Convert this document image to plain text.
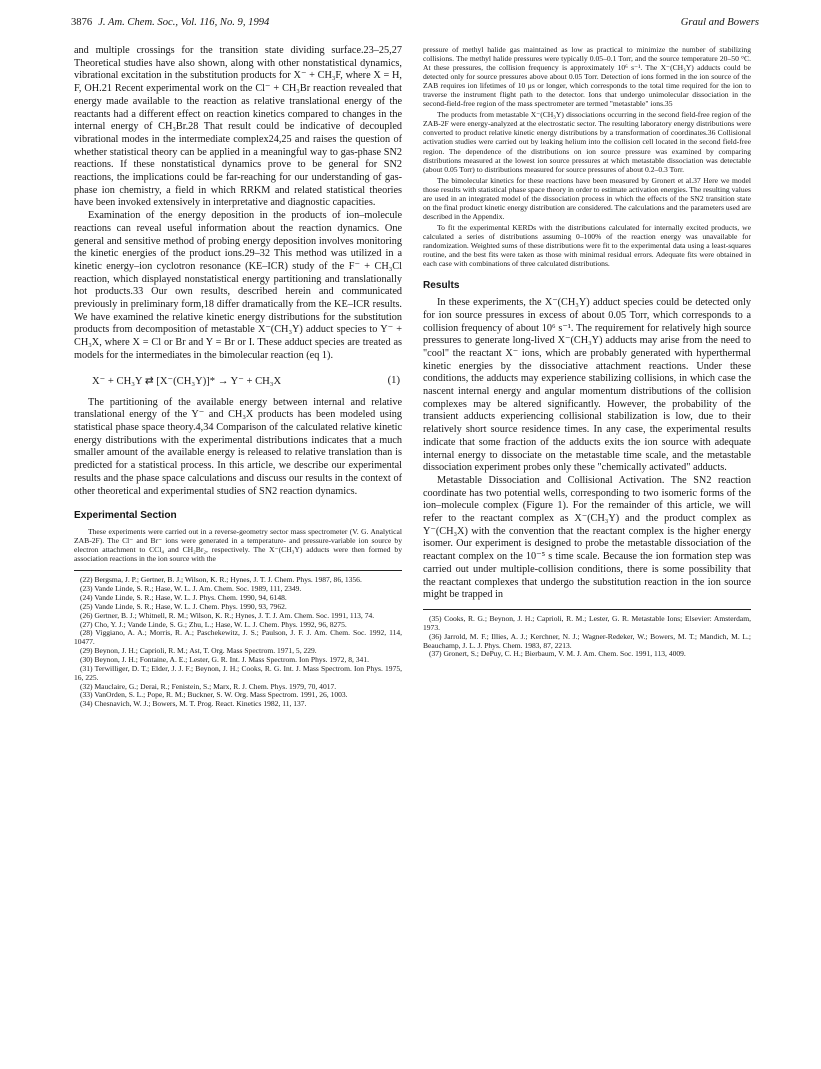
3876 J. Am. Chem. Soc., Vol. 116, No. 9, 1994	Graul and Bowers

and multiple crossings for the transition state dividing surface.23–25,27 Theoretical studies have also shown, along with other nonstatistical dynamics, vibrational excitation in the substitution products for X⁻ + CH₃F, where X = H, F, OH.21 Recent experimental work on the Cl⁻ + CH₃Br reaction revealed that energy made available to the reaction as relative translational energy of the reactants had a different effect on reaction kinetics compared to changes in the internal energy of CH₃Br.28 That result could be indicative of decoupled vibrational modes in the intermediate complex24,25 and raises the question of whether statistical theory can be applied in a meaningful way to gas-phase SN2 reactions. If these nonstatistical dynamics prove to be general for SN2 reactions, the implications could be far-reaching for our understanding of gas-phase ion chemistry, a field in which RRKM and related statistical theories have been invoked extensively in interpretative and diagnostic capacities.

Examination of the energy deposition in the products of ion–molecule reactions can reveal useful information about the reaction dynamics. One general and sensitive method of probing energy deposition involves monitoring the kinetic energies of the product ions.29–32 This method was utilized in a kinetic energy–ion cyclotron resonance (KE–ICR) study of the F⁻ + CH₃Cl reaction, which displayed nonstatistical energy partitioning and translationally hot products.33 Our own results, described herein and communicated previously in preliminary form,18 differ dramatically from the KE–ICR results. We have examined the relative kinetic energy distributions for the substitution products from decomposition of metastable X⁻(CH₃Y) adduct species to Y⁻ + CH₃X, where X = Cl or Br and Y = Br or I. These adduct species are treated as models for the intermediates in the bimolecular reaction (eq 1).

X⁻ + CH₃Y ⇄ [X⁻(CH₃Y)]* → Y⁻ + CH₃X	(1)

The partitioning of the available energy between internal and relative translational energy of the Y⁻ and CH₃X products has been modeled using statistical phase space theory.4,34 Comparison of the calculated relative kinetic energy distributions with the experimental distributions indicates that a much smaller amount of the available energy is released to relative translation than is predicted for a statistical process. In this article, we describe our experimental results and the phase space calculations and discuss our results in the context of other theoretical and experimental studies of SN2 reaction dynamics.

Experimental Section

These experiments were carried out in a reverse-geometry sector mass spectrometer (V. G. Analytical ZAB-2F). The Cl⁻ and Br⁻ ions were generated in a temperature- and pressure-variable ion source by electron attachment to CCl₄ and CH₂Br₂, respectively. The X⁻(CH₃Y) adducts were then formed by association reactions in the ion source with the

(22) Bergsma, J. P.; Gertner, B. J.; Wilson, K. R.; Hynes, J. T. J. Chem. Phys. 1987, 86, 1356.
(23) Vande Linde, S. R.; Hase, W. L. J. Am. Chem. Soc. 1989, 111, 2349.
(24) Vande Linde, S. R.; Hase, W. L. J. Phys. Chem. 1990, 94, 6148.
(25) Vande Linde, S. R.; Hase, W. L. J. Chem. Phys. 1990, 93, 7962.
(26) Gertner, B. J.; Whitnell, R. M.; Wilson, K. R.; Hynes, J. T. J. Am. Chem. Soc. 1991, 113, 74.
(27) Cho, Y. J.; Vande Linde, S. G.; Zhu, L.; Hase, W. L. J. Chem. Phys. 1992, 96, 8275.
(28) Viggiano, A. A.; Morris, R. A.; Paschekewitz, J. S.; Paulson, J. F. J. Am. Chem. Soc. 1992, 114, 10477.
(29) Beynon, J. H.; Caprioli, R. M.; Ast, T. Org. Mass Spectrom. 1971, 5, 229.
(30) Beynon, J. H.; Fontaine, A. E.; Lester, G. R. Int. J. Mass Spectrom. Ion Phys. 1972, 8, 341.
(31) Terwilliger, D. T.; Elder, J. J. F.; Beynon, J. H.; Cooks, R. G. Int. J. Mass Spectrom. Ion Phys. 1975, 16, 225.
(32) Mauclaire, G.; Derai, R.; Fenistein, S.; Marx, R. J. Chem. Phys. 1979, 70, 4017.
(33) VanOrden, S. L.; Pope, R. M.; Buckner, S. W. Org. Mass Spectrom. 1991, 26, 1003.
(34) Chesnavich, W. J.; Bowers, M. T. Prog. React. Kinetics 1982, 11, 137.

pressure of methyl halide gas maintained as low as practical to minimize the number of stabilizing collisions. The methyl halide pressures were typically 0.05–0.1 Torr, and the source temperature 20–50 °C. At these pressures, the collision frequency is approximately 10⁶ s⁻¹. The X⁻(CH₃Y) adducts could be detected only for source pressures above about 0.05 Torr. Detection of ions formed in the ion source of the ZAB requires ion lifetimes of 10 μs or longer, which corresponds to the total time required for the ion to traverse the instrument flight path to the detector. Ions that undergo unimolecular dissociation in the second-field-free region of the mass spectrometer are termed "metastable" ions.35

The products from metastable X⁻(CH₃Y) dissociations occurring in the second field-free region of the ZAB-2F were energy-analyzed at the electrostatic sector. The resulting laboratory energy distributions were converted to product relative kinetic energy distributions by a transformation of coordinates.36 Collisional activation studies were carried out by leaking helium into the collision cell located in the second field-free region. The dependence of the distributions on ion source pressure was examined by comparing distributions measured at the lowest ion source pressures at which metastable dissociation was detectable (about 0.05 Torr) to distributions measured for source pressures of about 0.2–0.3 Torr.

The bimolecular kinetics for these reactions have been measured by Gronert et al.37 Here we model those results with statistical phase space theory in order to estimate activation energies. The resulting values are used in an integrated model of the dissociation process in which the effects of the SN2 transition state on the final product kinetic energy distribution are considered. The calculations and the parameters used are described in the Appendix.

To fit the experimental KERDs with the distributions calculated for internally excited products, we calculated a series of distributions assuming 0–100% of the reaction energy was unavailable for randomization. Weighted sums of these distributions were fit to the experimental data using a least-squares routine, and the best fits were taken as those with minimal residual errors. Adequate fits were obtained in each case with combinations of three calculated distributions.

Results

In these experiments, the X⁻(CH₃Y) adduct species could be detected only for ion source pressures in excess of about 0.05 Torr, which corresponds to a collision frequency of about 10⁶ s⁻¹. The requirement for relatively high source pressures to generate long-lived X⁻(CH₃Y) adducts may arise from the need to "cool" the reactant X⁻ ions, which are probably generated with hyperthermal kinetic energies by the dissociative attachment reactions. Under these conditions, the adducts may experience stabilizing collisions, in which case the nascent internal energy and angular momentum distributions of the collision complexes may be altered significantly. However, the probability of the transient adducts experiencing collisional stabilization is low, due to their relatively short source residence times. In any case, the experimental results indicate that some fraction of the adducts exits the ion source with adequate internal energy to dissociate on the metastable time scale, and the metastable dissociation experiment probes only these "chemically activated" adducts.

Metastable Dissociation and Collisional Activation. The SN2 reaction coordinate has two potential wells, corresponding to two isomeric forms of the ion–molecule complex (Figure 1). For the remainder of this article, we will refer to the reactant complex as X⁻(CH₃Y) and the product complex as Y⁻(CH₃X) with the convention that the reactant complex is the higher energy isomer. Our experiment is designed to probe the metastable dissociation of the reactant complex on the 10⁻⁵ s time scale. Because the ion formation step was carried out under multiple-collision conditions, there is some possibility that the reactant complexes that undergo the substitution reaction in the ion source might be trapped in

(35) Cooks, R. G.; Beynon, J. H.; Caprioli, R. M.; Lester, G. R. Metastable Ions; Elsevier: Amsterdam, 1973.
(36) Jarrold, M. F.; Illies, A. J.; Kerchner, N. J.; Wagner-Redeker, W.; Bowers, M. T.; Mandich, M. L.; Beauchamp, J. L. J. Phys. Chem. 1983, 87, 2213.
(37) Gronert, S.; DePuy, C. H.; Bierbaum, V. M. J. Am. Chem. Soc. 1991, 113, 4009.
